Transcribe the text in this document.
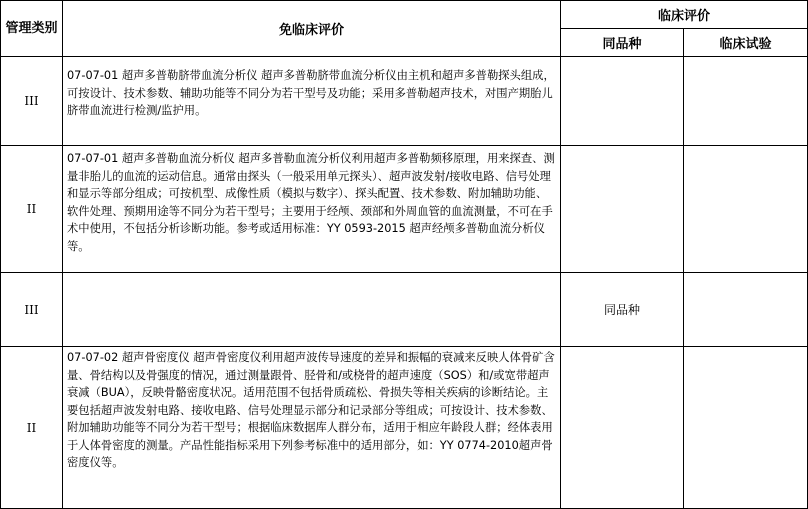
管理类别	免临床评价	临床评价	
		同品种	临床试验
III	07-07-01 超声多普勒脐带血流分析仪 超声多普勒脐带血流分析仪由主机和超声多普勒探头组成，可按设计、技术参数、辅助功能等不同分为若干型号及功能；采用多普勒超声技术，对围产期胎儿脐带血流进行检测/监护用。		

II	07-07-01 超声多普勒血流分析仪 超声多普勒血流分析仪利用超声多普勒频移原理，用来探查、测量非胎儿的血流的运动信息。通常由探头（一般采用单元探头）、超声波发射/接收电路、信号处理和显示等部分组成；可按机型、成像性质（模拟与数字）、探头配置、技术参数、附加辅助功能、软件处理、预期用途等不同分为若干型号；主要用于经颅、颈部和外周血管的血流测量，不可在手术中使用，不包括分析诊断功能。参考或适用标准：YY 0593-2015 超声经颅多普勒血流分析仪等。		

III		同品种	
II	07-07-02 超声骨密度仪 超声骨密度仪利用超声波传导速度的差异和振幅的衰减来反映人体骨矿含量、骨结构以及骨强度的情况，通过测量跟骨、胫骨和/或桡骨的超声速度（SOS）和/或宽带超声衰减（BUA），反映骨骼密度状况。适用范围不包括骨质疏松、骨损失等相关疾病的诊断结论。主要包括超声波发射电路、接收电路、信号处理显示部分和记录部分等组成；可按设计、技术参数、附加辅助功能等不同分为若干型号；根据临床数据库人群分布，适用于相应年龄段人群；经体表用于人体骨密度的测量。产品性能指标采用下列参考标准中的适用部分，如：YY 0774-2010超声骨密度仪等。		
